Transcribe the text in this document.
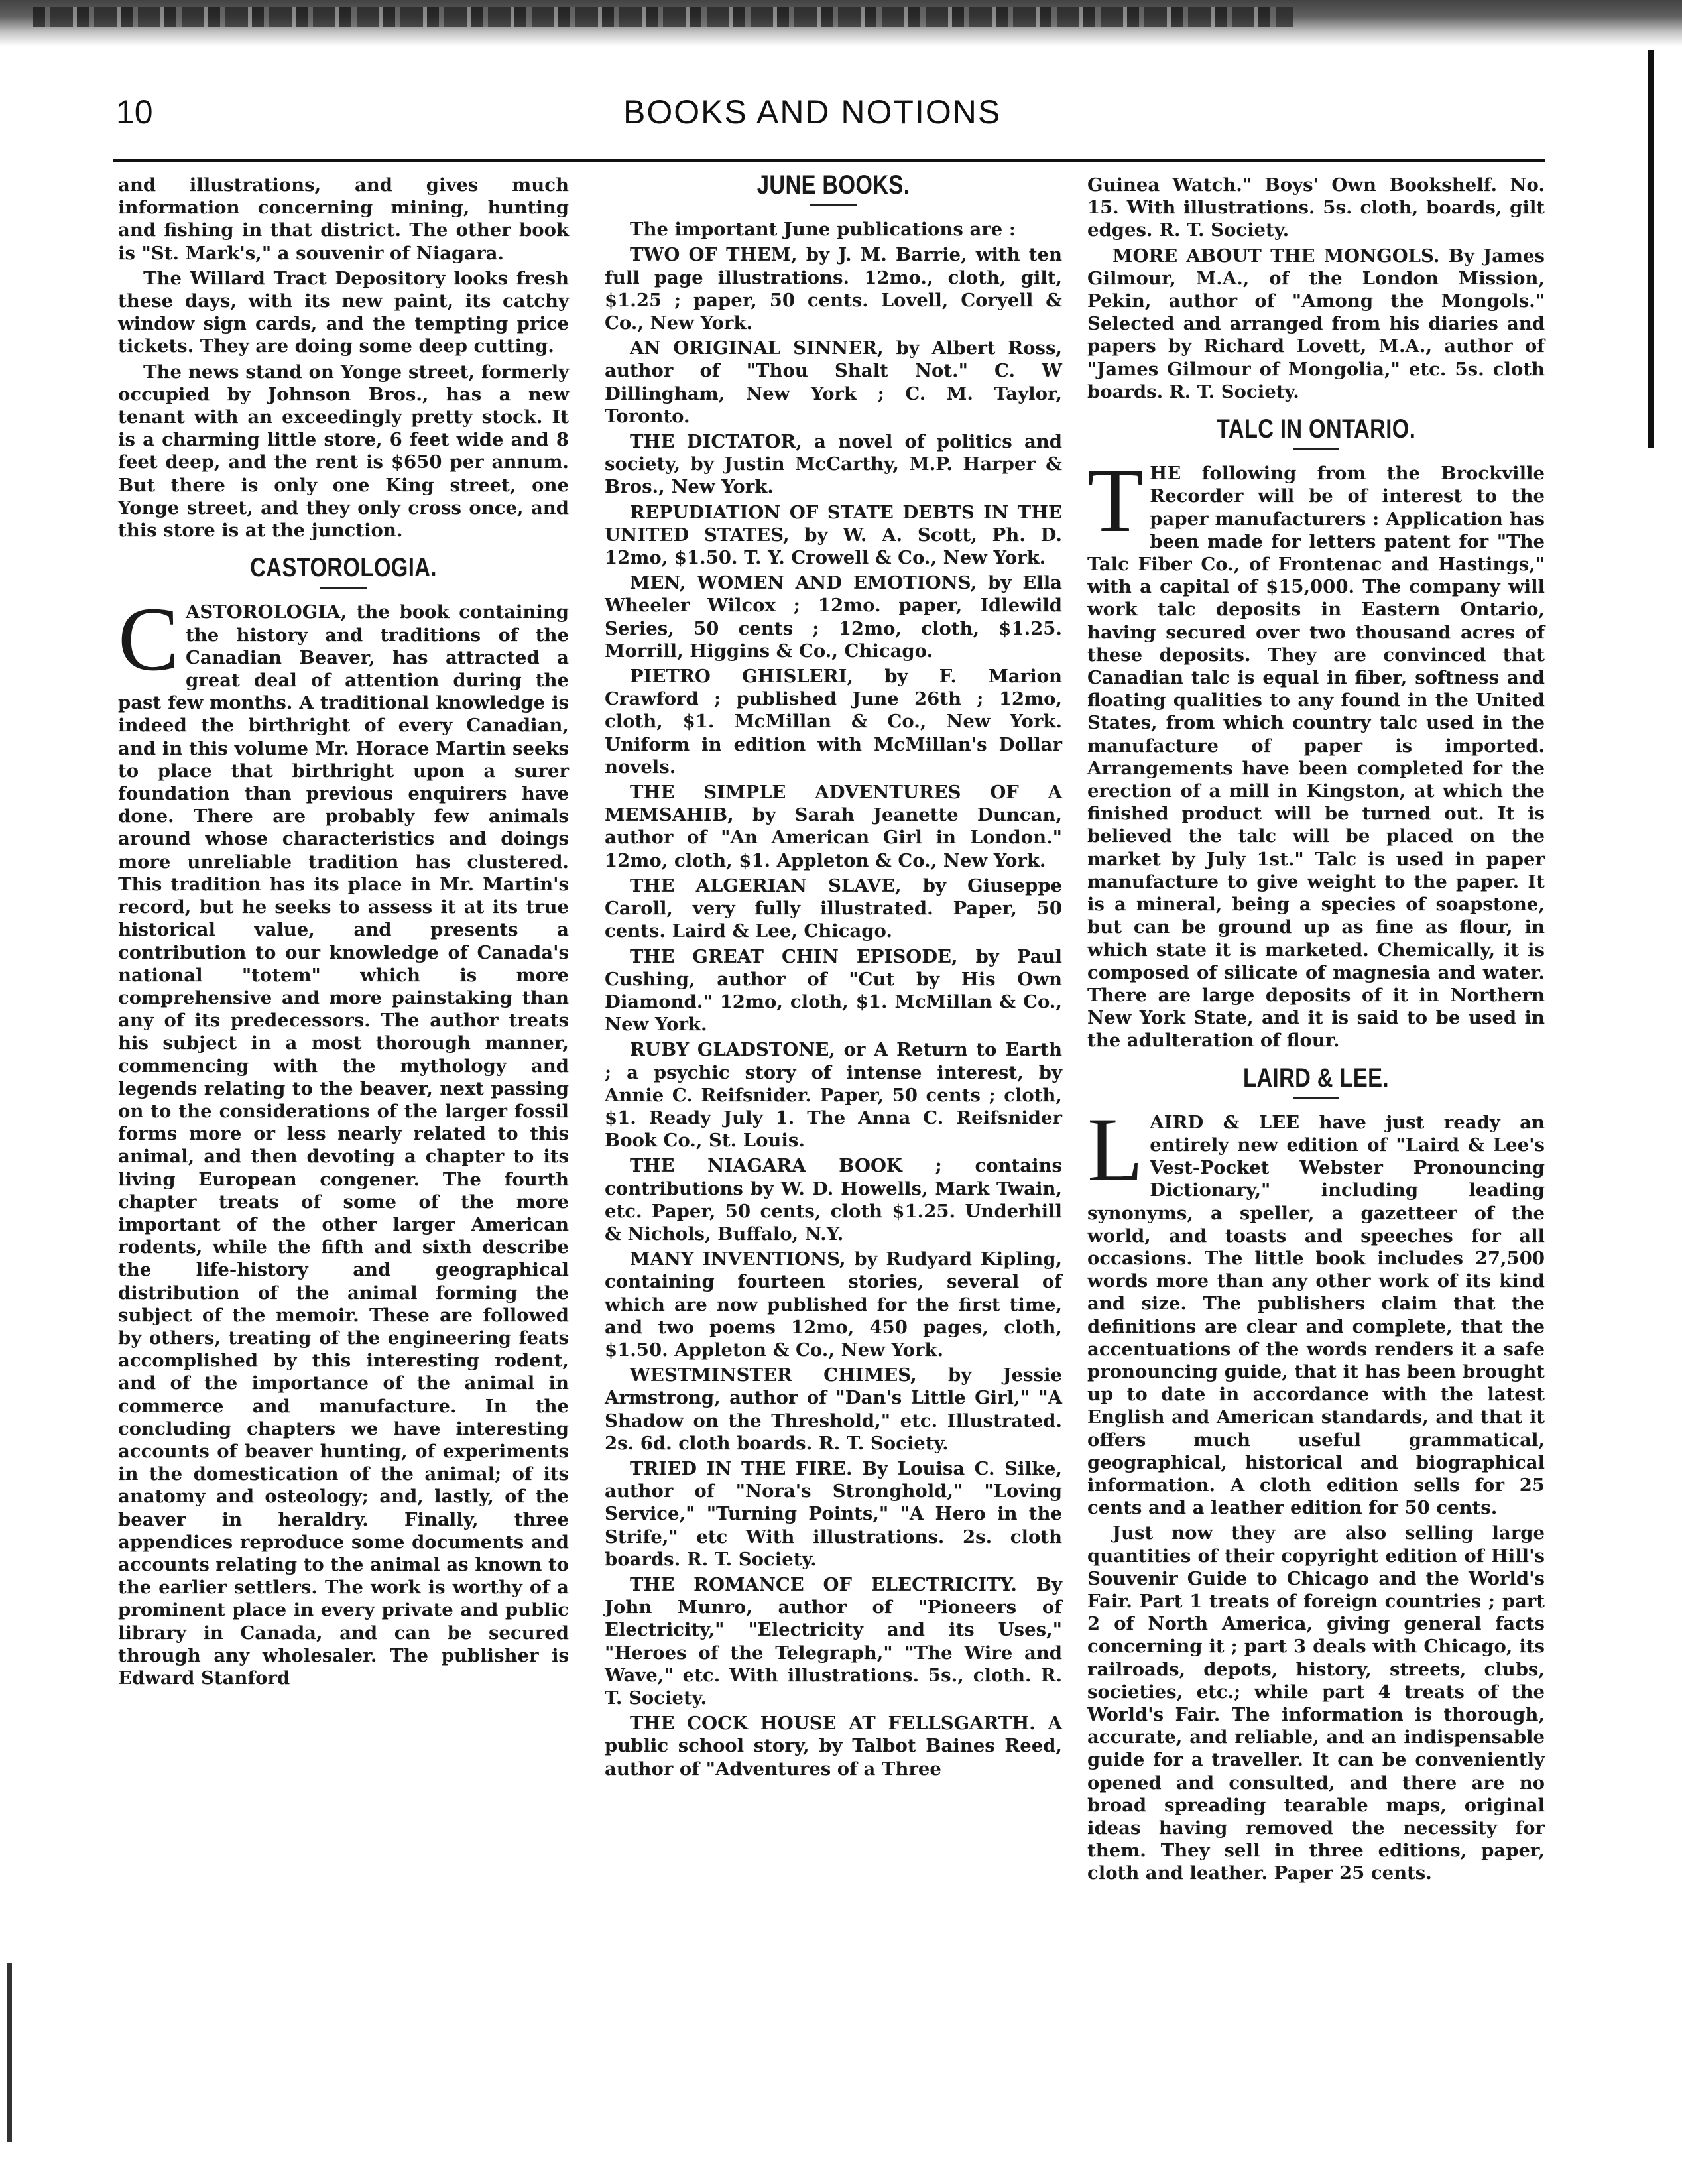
10	BOOKS AND NOTIONS

and illustrations, and gives much information concerning mining, hunting and fishing in that district. The other book is "St. Mark's," a souvenir of Niagara.

The Willard Tract Depository looks fresh these days, with its new paint, its catchy window sign cards, and the tempting price tickets. They are doing some deep cutting.

The news stand on Yonge street, formerly occupied by Johnson Bros., has a new tenant with an exceedingly pretty stock. It is a charming little store, 6 feet wide and 8 feet deep, and the rent is $650 per annum. But there is only one King street, one Yonge street, and they only cross once, and this store is at the junction.

CASTOROLOGIA.

CASTOROLOGIA, the book containing the history and traditions of the Canadian Beaver, has attracted a great deal of attention during the past few months. A traditional knowledge is indeed the birthright of every Canadian, and in this volume Mr. Horace Martin seeks to place that birthright upon a surer foundation than previous enquirers have done. There are probably few animals around whose characteristics and doings more unreliable tradition has clustered. This tradition has its place in Mr. Martin's record, but he seeks to assess it at its true historical value, and presents a contribution to our knowledge of Canada's national "totem" which is more comprehensive and more painstaking than any of its predecessors. The author treats his subject in a most thorough manner, commencing with the mythology and legends relating to the beaver, next passing on to the considerations of the larger fossil forms more or less nearly related to this animal, and then devoting a chapter to its living European congener. The fourth chapter treats of some of the more important of the other larger American rodents, while the fifth and sixth describe the life-history and geographical distribution of the animal forming the subject of the memoir. These are followed by others, treating of the engineering feats accomplished by this interesting rodent, and of the importance of the animal in commerce and manufacture. In the concluding chapters we have interesting accounts of beaver hunting, of experiments in the domestication of the animal; of its anatomy and osteology; and, lastly, of the beaver in heraldry. Finally, three appendices reproduce some documents and accounts relating to the animal as known to the earlier settlers. The work is worthy of a prominent place in every private and public library in Canada, and can be secured through any wholesaler. The publisher is Edward Stanford

JUNE BOOKS.

The important June publications are :

TWO OF THEM, by J. M. Barrie, with ten full page illustrations. 12mo., cloth, gilt, $1.25 ; paper, 50 cents. Lovell, Coryell & Co., New York.

AN ORIGINAL SINNER, by Albert Ross, author of "Thou Shalt Not." C. W Dillingham, New York ; C. M. Taylor, Toronto.

THE DICTATOR, a novel of politics and society, by Justin McCarthy, M.P. Harper & Bros., New York.

REPUDIATION OF STATE DEBTS IN THE UNITED STATES, by W. A. Scott, Ph. D. 12mo, $1.50. T. Y. Crowell & Co., New York.

MEN, WOMEN AND EMOTIONS, by Ella Wheeler Wilcox ; 12mo. paper, Idlewild Series, 50 cents ; 12mo, cloth, $1.25. Morrill, Higgins & Co., Chicago.

PIETRO GHISLERI, by F. Marion Crawford ; published June 26th ; 12mo, cloth, $1. McMillan & Co., New York. Uniform in edition with McMillan's Dollar novels.

THE SIMPLE ADVENTURES OF A MEMSAHIB, by Sarah Jeanette Duncan, author of "An American Girl in London." 12mo, cloth, $1. Appleton & Co., New York.

THE ALGERIAN SLAVE, by Giuseppe Caroll, very fully illustrated. Paper, 50 cents. Laird & Lee, Chicago.

THE GREAT CHIN EPISODE, by Paul Cushing, author of "Cut by His Own Diamond." 12mo, cloth, $1. McMillan & Co., New York.

RUBY GLADSTONE, or A Return to Earth ; a psychic story of intense interest, by Annie C. Reifsnider. Paper, 50 cents ; cloth, $1. Ready July 1. The Anna C. Reifsnider Book Co., St. Louis.

THE NIAGARA BOOK ; contains contributions by W. D. Howells, Mark Twain, etc. Paper, 50 cents, cloth $1.25. Underhill & Nichols, Buffalo, N.Y.

MANY INVENTIONS, by Rudyard Kipling, containing fourteen stories, several of which are now published for the first time, and two poems 12mo, 450 pages, cloth, $1.50. Appleton & Co., New York.

WESTMINSTER CHIMES, by Jessie Armstrong, author of "Dan's Little Girl," "A Shadow on the Threshold," etc. Illustrated. 2s. 6d. cloth boards. R. T. Society.

TRIED IN THE FIRE. By Louisa C. Silke, author of "Nora's Stronghold," "Loving Service," "Turning Points," "A Hero in the Strife," etc With illustrations. 2s. cloth boards. R. T. Society.

THE ROMANCE OF ELECTRICITY. By John Munro, author of "Pioneers of Electricity," "Electricity and its Uses," "Heroes of the Telegraph," "The Wire and Wave," etc. With illustrations. 5s., cloth. R. T. Society.

THE COCK HOUSE AT FELLSGARTH. A public school story, by Talbot Baines Reed, author of "Adventures of a Three

Guinea Watch." Boys' Own Bookshelf. No. 15. With illustrations. 5s. cloth, boards, gilt edges. R. T. Society.

MORE ABOUT THE MONGOLS. By James Gilmour, M.A., of the London Mission, Pekin, author of "Among the Mongols." Selected and arranged from his diaries and papers by Richard Lovett, M.A., author of "James Gilmour of Mongolia," etc. 5s. cloth boards. R. T. Society.

TALC IN ONTARIO.

THE following from the Brockville Recorder will be of interest to the paper manufacturers : Application has been made for letters patent for "The Talc Fiber Co., of Frontenac and Hastings," with a capital of $15,000. The company will work talc deposits in Eastern Ontario, having secured over two thousand acres of these deposits. They are convinced that Canadian talc is equal in fiber, softness and floating qualities to any found in the United States, from which country talc used in the manufacture of paper is imported. Arrangements have been completed for the erection of a mill in Kingston, at which the finished product will be turned out. It is believed the talc will be placed on the market by July 1st." Talc is used in paper manufacture to give weight to the paper. It is a mineral, being a species of soapstone, but can be ground up as fine as flour, in which state it is marketed. Chemically, it is composed of silicate of magnesia and water. There are large deposits of it in Northern New York State, and it is said to be used in the adulteration of flour.

LAIRD & LEE.

LAIRD & LEE have just ready an entirely new edition of "Laird & Lee's Vest-Pocket Webster Pronouncing Dictionary," including leading synonyms, a speller, a gazetteer of the world, and toasts and speeches for all occasions. The little book includes 27,500 words more than any other work of its kind and size. The publishers claim that the definitions are clear and complete, that the accentuations of the words renders it a safe pronouncing guide, that it has been brought up to date in accordance with the latest English and American standards, and that it offers much useful grammatical, geographical, historical and biographical information. A cloth edition sells for 25 cents and a leather edition for 50 cents.

Just now they are also selling large quantities of their copyright edition of Hill's Souvenir Guide to Chicago and the World's Fair. Part 1 treats of foreign countries ; part 2 of North America, giving general facts concerning it ; part 3 deals with Chicago, its railroads, depots, history, streets, clubs, societies, etc.; while part 4 treats of the World's Fair. The information is thorough, accurate, and reliable, and an indispensable guide for a traveller. It can be conveniently opened and consulted, and there are no broad spreading tearable maps, original ideas having removed the necessity for them. They sell in three editions, paper, cloth and leather. Paper 25 cents.
